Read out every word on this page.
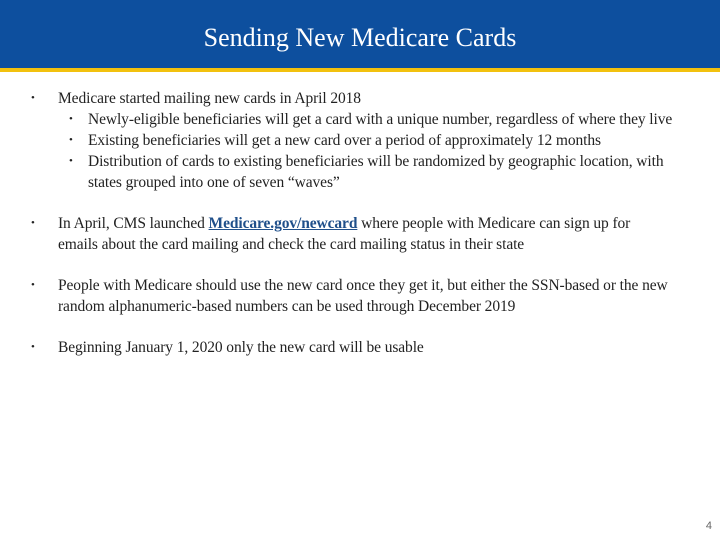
Sending New Medicare Cards
• Medicare started mailing new cards in April 2018
• Newly-eligible beneficiaries will get a card with a unique number, regardless of where they live
• Existing beneficiaries will get a new card over a period of approximately 12 months
• Distribution of cards to existing beneficiaries will be randomized by geographic location, with states grouped into one of seven “waves”
• In April, CMS launched Medicare.gov/newcard where people with Medicare can sign up for emails about the card mailing and check the card mailing status in their state
• People with Medicare should use the new card once they get it, but either the SSN-based or the new random alphanumeric-based numbers can be used through December 2019
• Beginning January 1, 2020 only the new card will be usable
4
